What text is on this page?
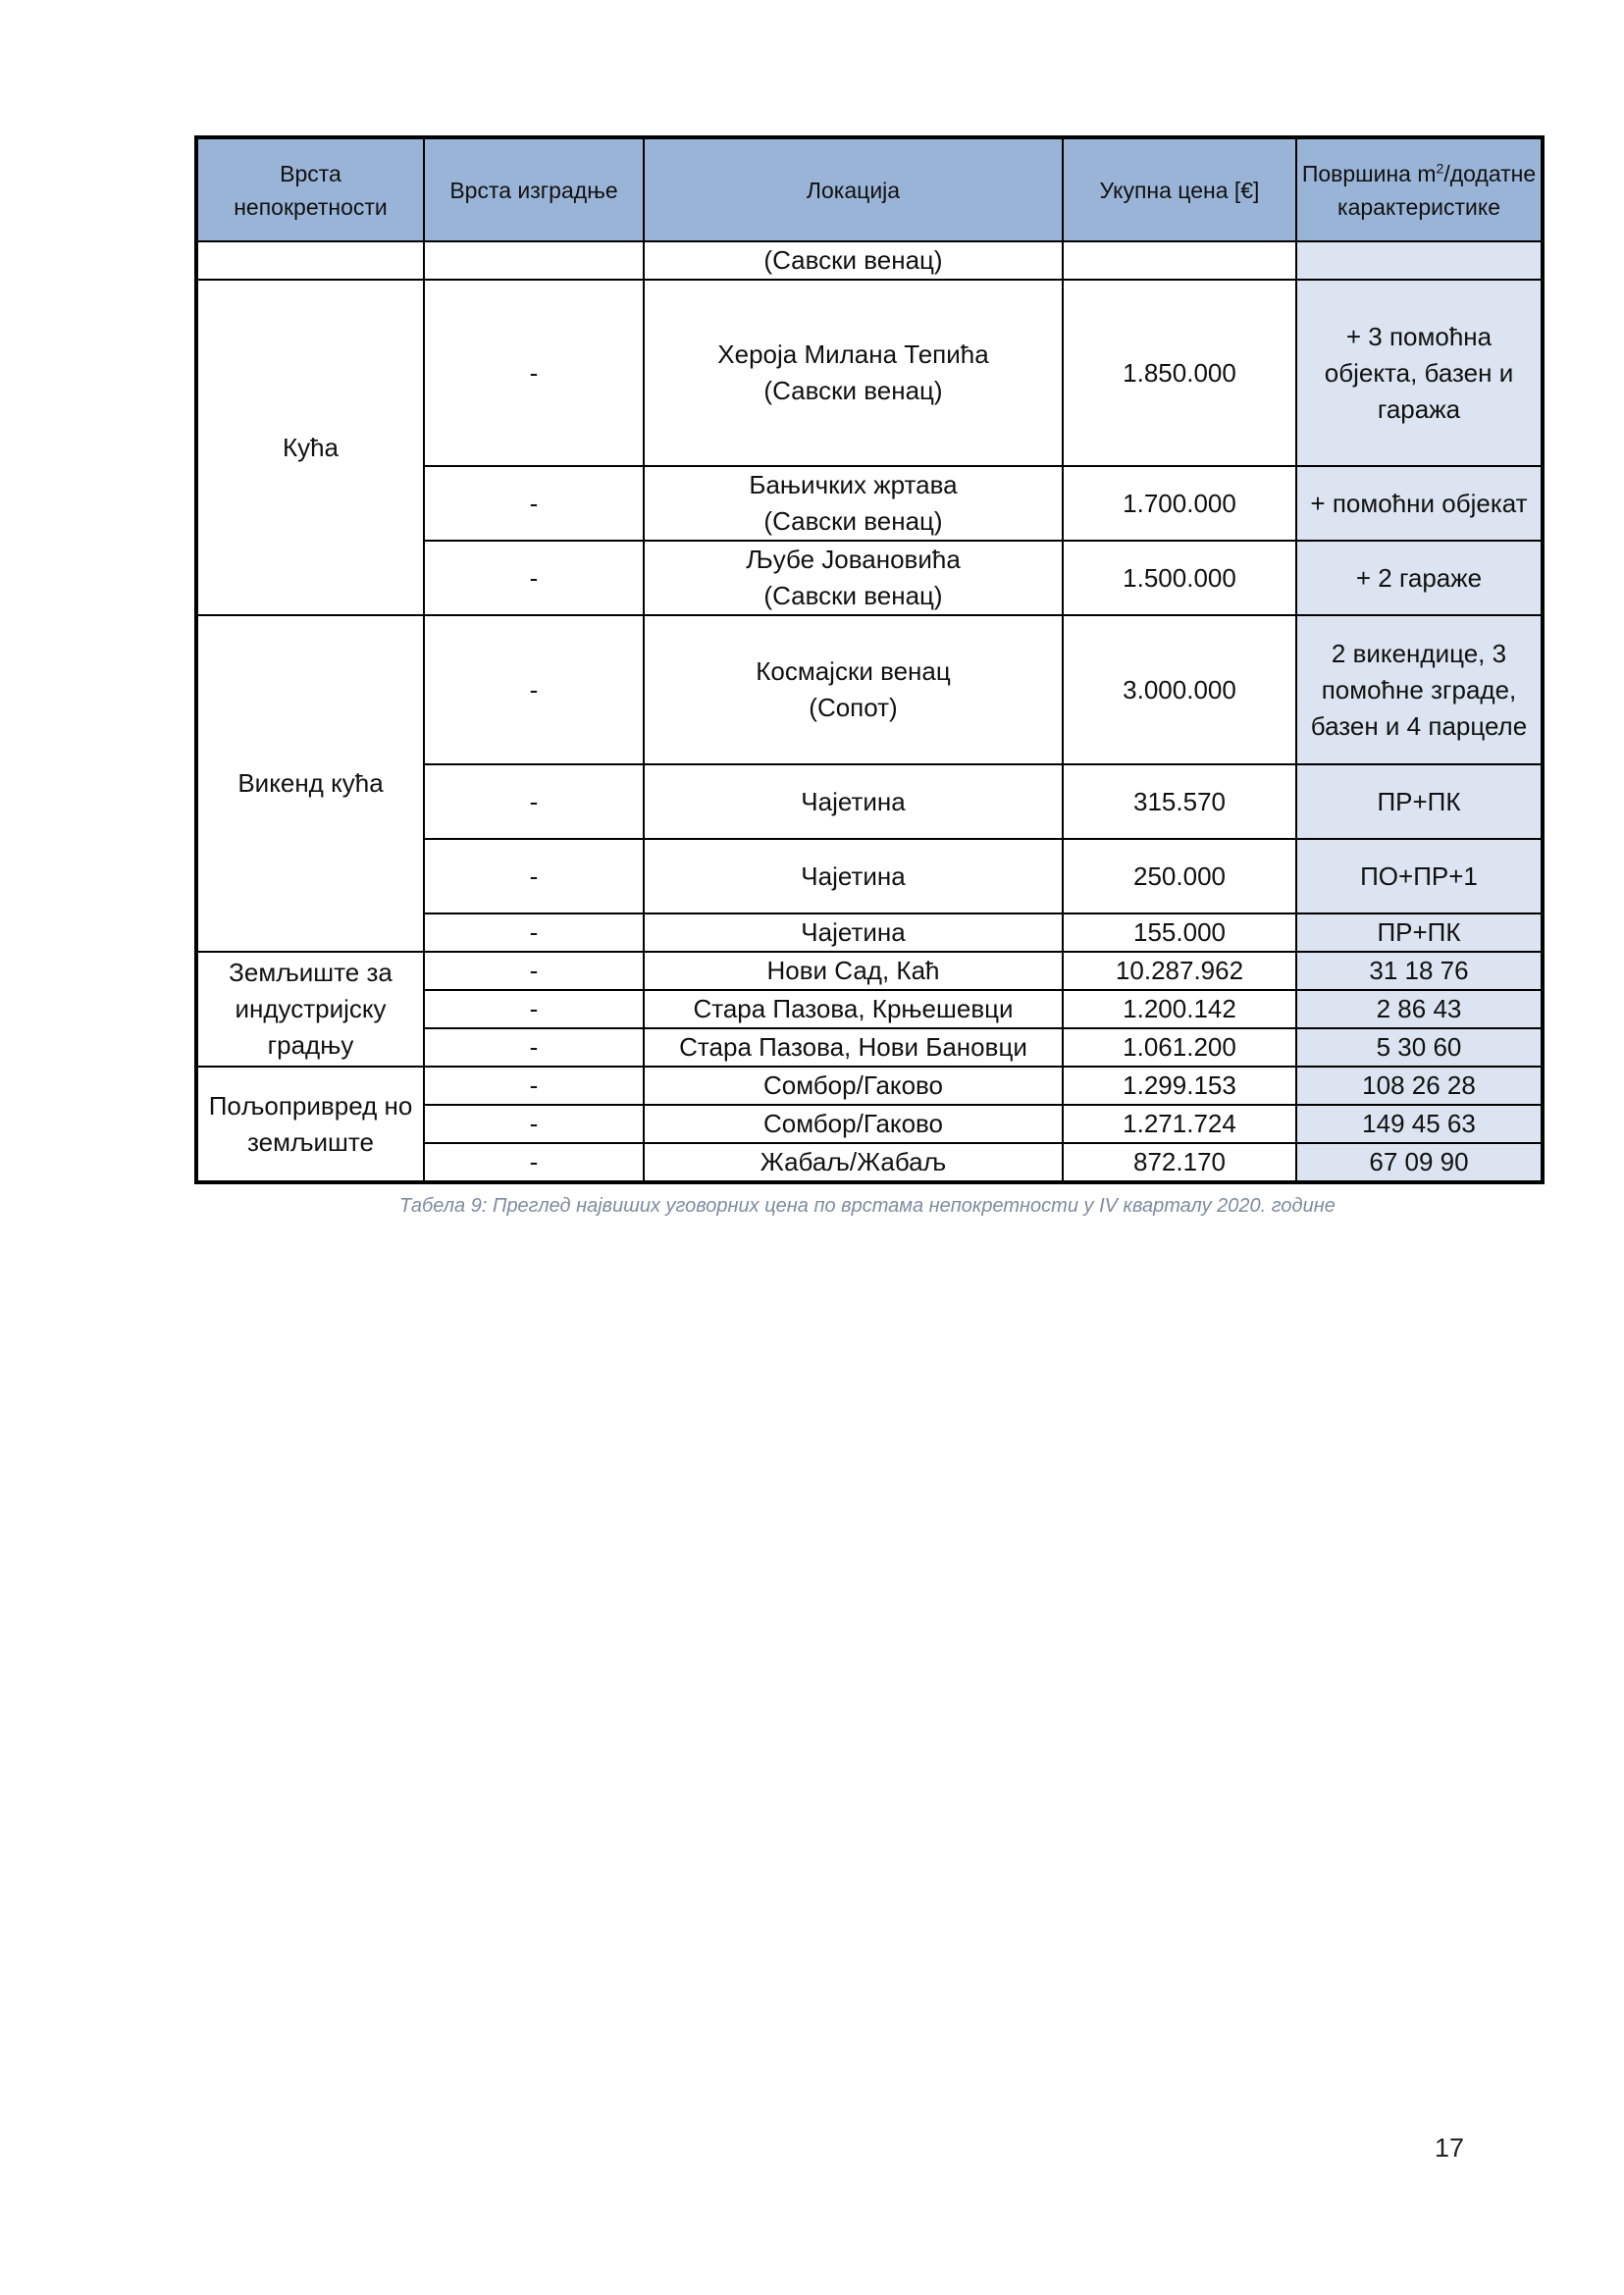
Врста непокретности	Врста изградње	Локација	Укупна цена [€]	Површина $m^2$/додатне карактеристике

		(Савски венац)		

Кућа	-	Хероја Милана Тепића
(Савски венац)	1.850.000	+ 3 помоћна објекта, базен и гаража

	-	Бањичких жртава
(Савски венац)	1.700.000	+ помоћни објекат

	-	Љубе Јовановића
(Савски венац)	1.500.000	+ 2 гараже

Викенд кућа	-	Космајски венац
(Сопот)	3.000.000	2 викендице, 3 помоћне зграде, базен и 4 парцеле

	-	Чајетина	315.570	ПР+ПК

	-	Чајетина	250.000	ПО+ПР+1

	-	Чајетина	155.000	ПР+ПК

Земљиште за индустријску градњу	-	Нови Сад, Каћ	10.287.962	31 18 76

	-	Стара Пазова, Крњешевци	1.200.142	2 86 43

	-	Стара Пазова, Нови Бановци	1.061.200	5 30 60

Пољопривред но земљиште	-	Сомбор/Гаково	1.299.153	108 26 28

	-	Сомбор/Гаково	1.271.724	149 45 63

	-	Жабаљ/Жабаљ	872.170	67 09 90
Табела 9: Преглед највиших уговорних цена по врстама непокретности у IV кварталу 2020. године
17
